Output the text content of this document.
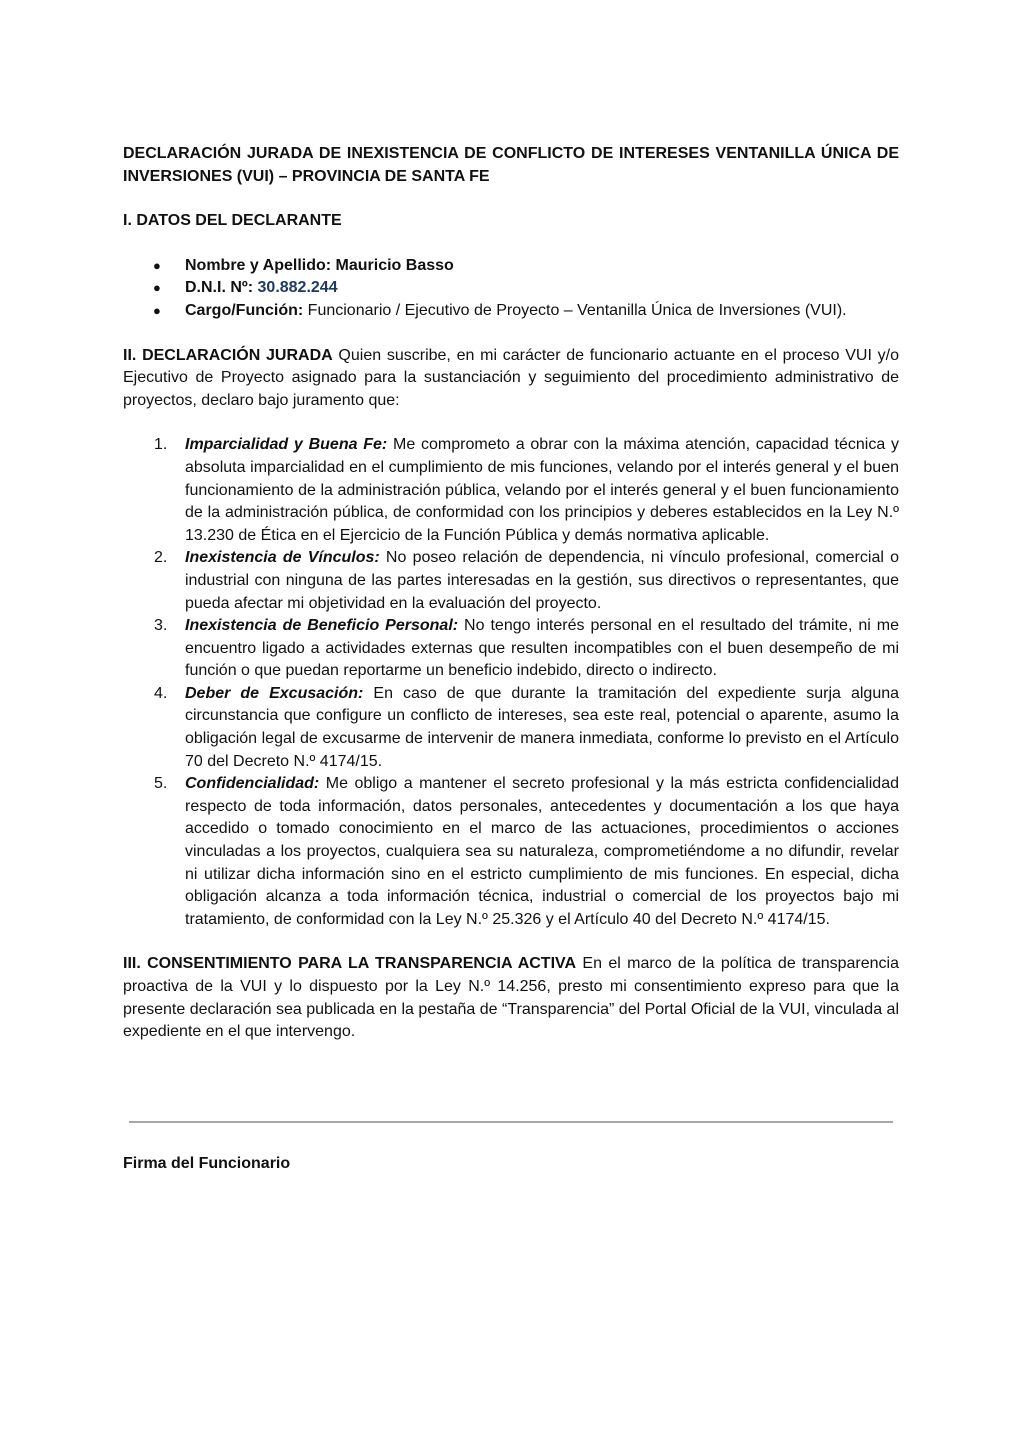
DECLARACIÓN JURADA DE INEXISTENCIA DE CONFLICTO DE INTERESES VENTANILLA ÚNICA DE INVERSIONES (VUI) – PROVINCIA DE SANTA FE

I. DATOS DEL DECLARANTE

● Nombre y Apellido: Mauricio Basso
● D.N.I. Nº: 30.882.244
● Cargo/Función: Funcionario / Ejecutivo de Proyecto – Ventanilla Única de Inversiones (VUI).

II. DECLARACIÓN JURADA Quien suscribe, en mi carácter de funcionario actuante en el proceso VUI y/o Ejecutivo de Proyecto asignado para la sustanciación y seguimiento del procedimiento administrativo de proyectos, declaro bajo juramento que:

1. Imparcialidad y Buena Fe: Me comprometo a obrar con la máxima atención, capacidad técnica y absoluta imparcialidad en el cumplimiento de mis funciones, velando por el interés general y el buen funcionamiento de la administración pública, velando por el interés general y el buen funcionamiento de la administración pública, de conformidad con los principios y deberes establecidos en la Ley N.º 13.230 de Ética en el Ejercicio de la Función Pública y demás normativa aplicable.
2. Inexistencia de Vínculos: No poseo relación de dependencia, ni vínculo profesional, comercial o industrial con ninguna de las partes interesadas en la gestión, sus directivos o representantes, que pueda afectar mi objetividad en la evaluación del proyecto.
3. Inexistencia de Beneficio Personal: No tengo interés personal en el resultado del trámite, ni me encuentro ligado a actividades externas que resulten incompatibles con el buen desempeño de mi función o que puedan reportarme un beneficio indebido, directo o indirecto.
4. Deber de Excusación: En caso de que durante la tramitación del expediente surja alguna circunstancia que configure un conflicto de intereses, sea este real, potencial o aparente, asumo la obligación legal de excusarme de intervenir de manera inmediata, conforme lo previsto en el Artículo 70 del Decreto N.º 4174/15.
5. Confidencialidad: Me obligo a mantener el secreto profesional y la más estricta confidencialidad respecto de toda información, datos personales, antecedentes y documentación a los que haya accedido o tomado conocimiento en el marco de las actuaciones, procedimientos o acciones vinculadas a los proyectos, cualquiera sea su naturaleza, comprometiéndome a no difundir, revelar ni utilizar dicha información sino en el estricto cumplimiento de mis funciones. En especial, dicha obligación alcanza a toda información técnica, industrial o comercial de los proyectos bajo mi tratamiento, de conformidad con la Ley N.º 25.326 y el Artículo 40 del Decreto N.º 4174/15.

III. CONSENTIMIENTO PARA LA TRANSPARENCIA ACTIVA En el marco de la política de transparencia proactiva de la VUI y lo dispuesto por la Ley N.º 14.256, presto mi consentimiento expreso para que la presente declaración sea publicada en la pestaña de “Transparencia” del Portal Oficial de la VUI, vinculada al expediente en el que intervengo.

Firma del Funcionario
